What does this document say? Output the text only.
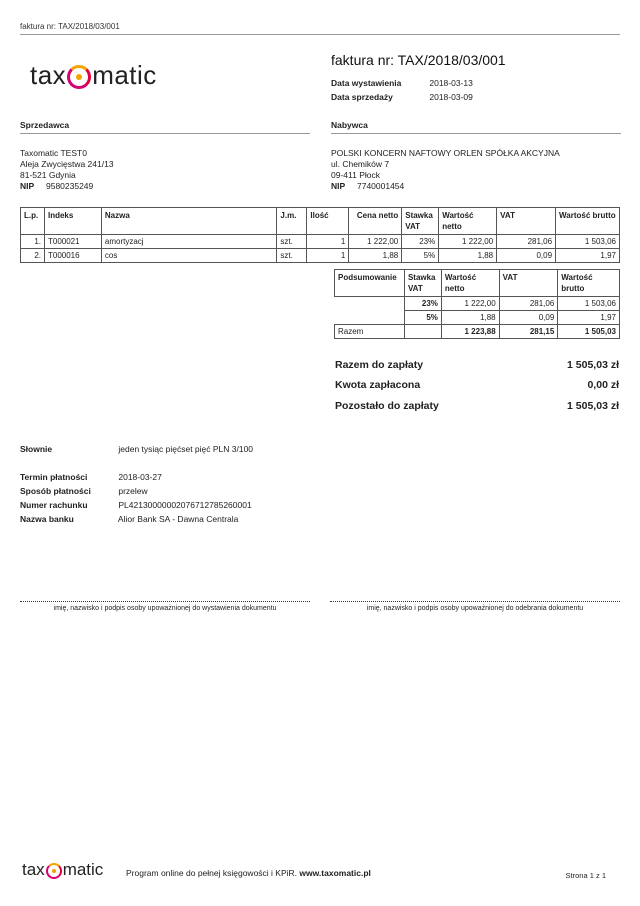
faktura nr: TAX/2018/03/001
tax matic	faktura nr: TAX/2018/03/001
Data wystawienia	2018-03-13
Data sprzedaży	2018-03-09
Sprzedawca
Taxomatic TEST0
Aleja Zwycięstwa 241/13
81-521 Gdynia
NIP 9580235249
Nabywca
POLSKI KONCERN NAFTOWY ORLEN SPÓŁKA AKCYJNA
ul. Chemików 7
09-411 Płock
NIP 7740001454
L.p.	Indeks	Nazwa	J.m.	Ilość	Cena netto	Stawka VAT	Wartość netto	VAT	Wartość brutto
1.	T000021	amortyzacj	szt.	1	1 222,00	23%	1 222,00	281,06	1 503,06
2.	T000016	cos	szt.	1	1,88	5%	1,88	0,09	1,97
Podsumowanie	Stawka VAT	Wartość netto	VAT	Wartość brutto
	23%	1 222,00	281,06	1 503,06
	5%	1,88	0,09	1,97
Razem		1 223,88	281,15	1 505,03
Razem do zapłaty	1 505,03 zł
Kwota zapłacona	0,00 zł
Pozostało do zapłaty	1 505,03 zł
Słownie	jeden tysiąc pięćset pięć PLN 3/100
Termin płatności	2018-03-27
Sposób płatności	przelew
Numer rachunku	PL42130000002076712785260001
Nazwa banku	Alior Bank SA - Dawna Centrala
imię, nazwisko i podpis osoby upoważnionej do wystawienia dokumentu	imię, nazwisko i podpis osoby upoważnionej do odebrania dokumentu
tax matic	Program online do pełnej księgowości i KPiR. www.taxomatic.pl	Strona 1 z 1
